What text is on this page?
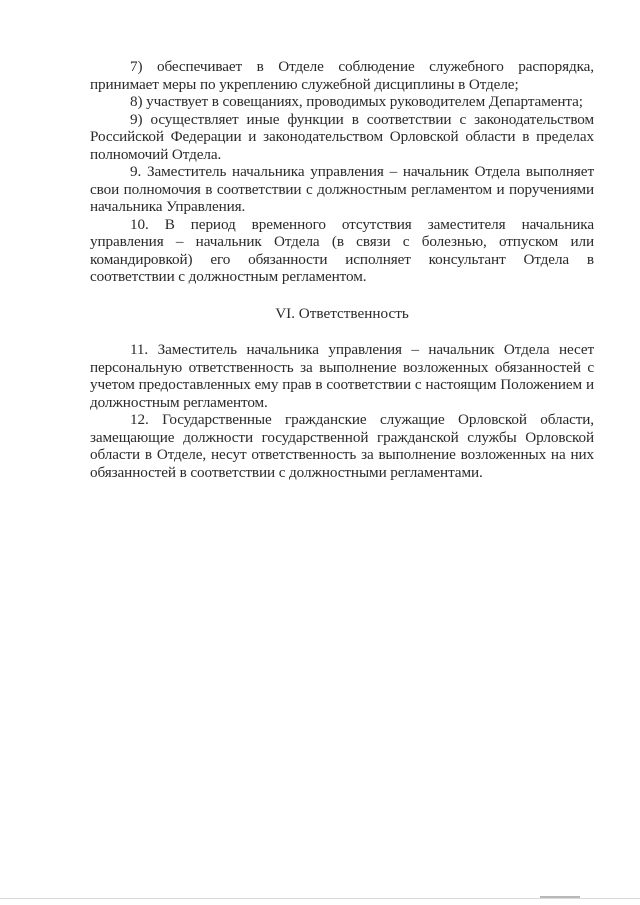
7) обеспечивает в Отделе соблюдение служебного распорядка, принимает меры по укреплению служебной дисциплины в Отделе;

8) участвует в совещаниях, проводимых руководителем Департамента;

9) осуществляет иные функции в соответствии с законодательством Российской Федерации и законодательством Орловской области в пределах полномочий Отдела.

9. Заместитель начальника управления – начальник Отдела выполняет свои полномочия в соответствии с должностным регламентом и поручениями начальника Управления.

10. В период временного отсутствия заместителя начальника управления – начальник Отдела (в связи с болезнью, отпуском или командировкой) его обязанности исполняет консультант Отдела в соответствии с должностным регламентом.

VI. Ответственность

11. Заместитель начальника управления – начальник Отдела несет персональную ответственность за выполнение возложенных обязанностей с учетом предоставленных ему прав в соответствии с настоящим Положением и должностным регламентом.

12. Государственные гражданские служащие Орловской области, замещающие должности государственной гражданской службы Орловской области в Отделе, несут ответственность за выполнение возложенных на них обязанностей в соответствии с должностными регламентами.
